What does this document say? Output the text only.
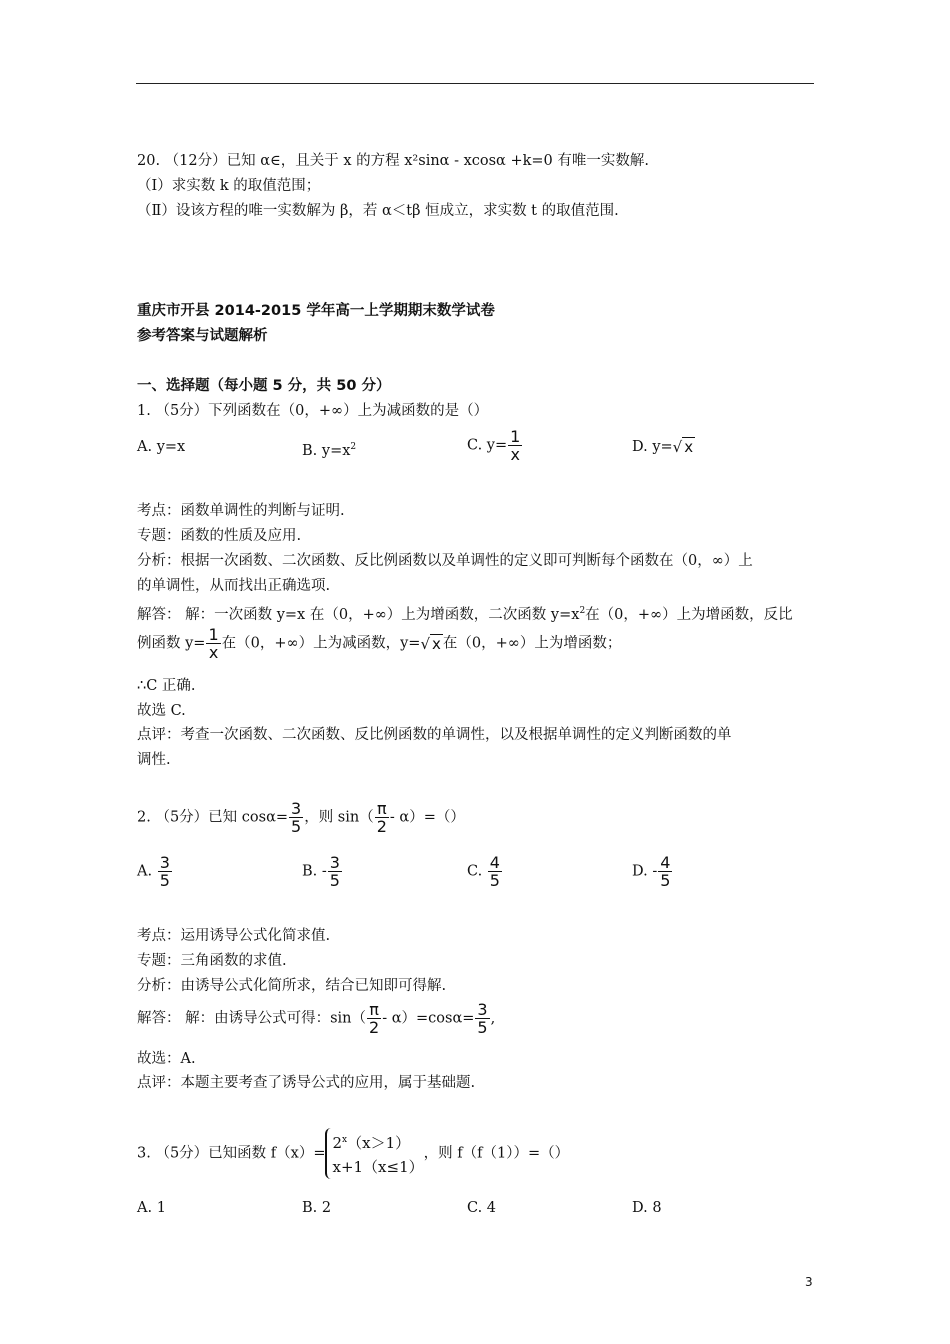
20. （12分）已知 α∈，且关于 x 的方程 x²sinα - xcosα +k=0 有唯一实数解.
（Ⅰ）求实数 k 的取值范围；
（Ⅱ）设该方程的唯一实数解为 β，若 α＜tβ 恒成立，求实数 t 的取值范围.
重庆市开县 2014-2015 学年高一上学期期末数学试卷
参考答案与试题解析
一、选择题（每小题 5 分，共 50 分）
1. （5分）下列函数在（0，+∞）上为减函数的是（）
A. y=x	B. $y=x^2$	C. $y= \frac{1}{x}$	D. y=√ x
考点：函数单调性的判断与证明.
专题：函数的性质及应用.
分析：根据一次函数、二次函数、反比例函数以及单调性的定义即可判断每个函数在（0，∞）上
的单调性，从而找出正确选项.
解答： 解：一次函数 y=x 在（0，+∞）上为增函数，二次函数 $y=x^2$在（0，+∞）上为增函数，反比
例函数 $y= \frac{1}{x}$ 在（0，+∞）上为减函数，y=√ x 在（0，+∞）上为增函数；
∴C 正确.
故选 C.
点评：考查一次函数、二次函数、反比例函数的单调性，以及根据单调性的定义判断函数的单
调性.
2. （5分）已知 $\cos\alpha= \frac{3}{5}$ ，则 $\sin( \frac{\pi}{2} - \alpha)=()$
A. $\frac{3}{5}$	B. - $\frac{3}{5}$	C. $\frac{4}{5}$	D. - $\frac{4}{5}$
考点：运用诱导公式化简求值.
专题：三角函数的求值.
分析：由诱导公式化简所求，结合已知即可得解.
解答： 解：由诱导公式可得：$\sin( \frac{\pi}{2} - \alpha)=\cos\alpha= \frac{3}{5}$ ,
故选：A.
点评：本题主要考查了诱导公式的应用，属于基础题.
3. （5分）已知函数 f（x）=
$2^x(x>1)$
x+1（x≤1）
，则 f（f（1））=（）
A. 1	B. 2	C. 4	D. 8
3
